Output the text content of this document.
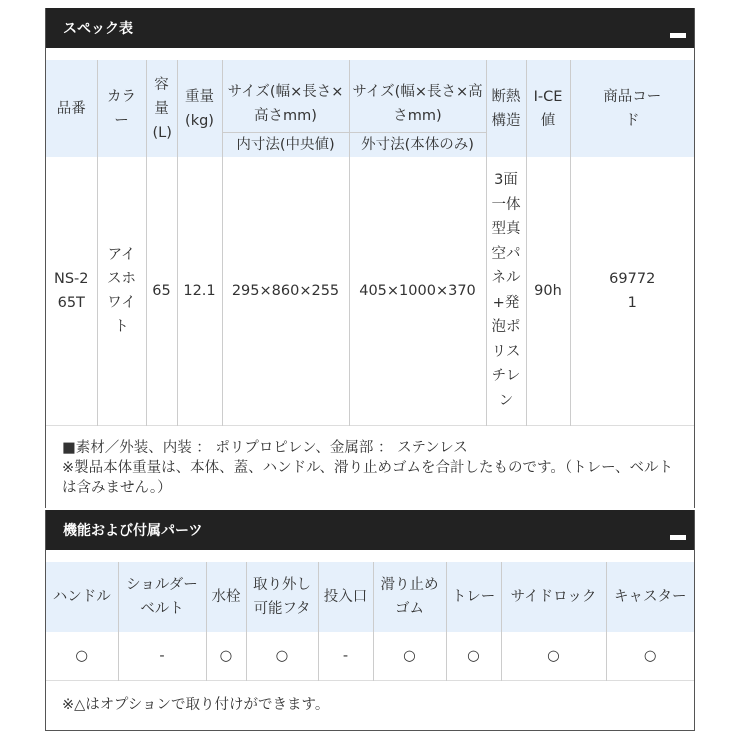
スペック表
品番	カラー	容量(L)	重量(kg)	サイズ(幅×長さ×高さmm)	サイズ(幅×長さ×高さmm)	断熱構造	I-CE値	商品コード
				内寸法(中央値)	外寸法(本体のみ)			
NS-265T	アイスホワイト	65	12.1	295×860×255	405×1000×370	3面一体型真空パネル+発泡ポリスチレン	90h	697721
■素材／外装、内装 ： ポリプロピレン、金属部 ： ステンレス
※製品本体重量は、本体、蓋、ハンドル、滑り止めゴムを合計したものです。（トレー、ベルトは含みません。）
機能および付属パーツ
ハンドル	ショルダーベルト	水栓	取り外し可能フタ	投入口	滑り止めゴム	トレー	サイドロック	キャスター
○	-	○	○	-	○	○	○	○
※△はオプションで取り付けができます。
